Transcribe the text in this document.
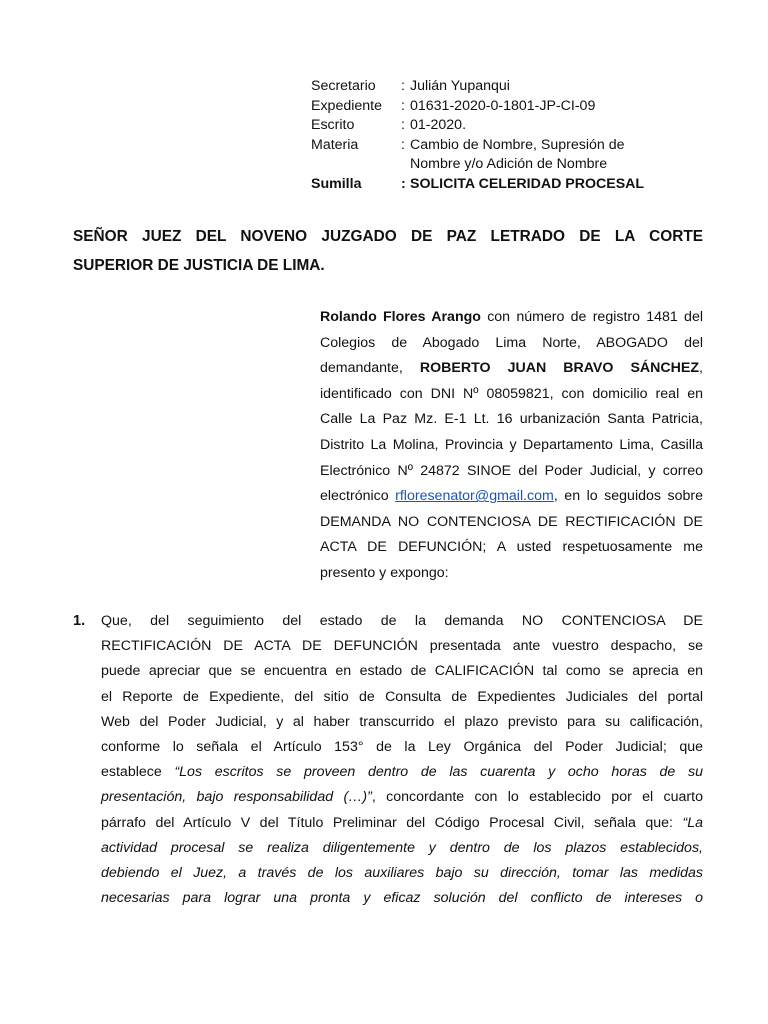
Secretario	: Julián Yupanqui
Expediente	: 01631-2020-0-1801-JP-CI-09
Escrito	: 01-2020.
Materia	: Cambio de Nombre, Supresión de
Nombre y/o Adición de Nombre
Sumilla	: SOLICITA CELERIDAD PROCESAL
SEÑOR JUEZ DEL NOVENO JUZGADO DE PAZ LETRADO DE LA CORTE
SUPERIOR DE JUSTICIA DE LIMA.
Rolando Flores Arango con número de registro 1481 del Colegios de Abogado Lima Norte, ABOGADO del demandante, ROBERTO JUAN BRAVO SÁNCHEZ, identificado con DNI Nº 08059821, con domicilio real en Calle La Paz Mz. E-1 Lt. 16 urbanización Santa Patricia, Distrito La Molina, Provincia y Departamento Lima, Casilla Electrónico Nº 24872 SINOE del Poder Judicial, y correo electrónico rfloresenator@gmail.com, en lo seguidos sobre DEMANDA NO CONTENCIOSA DE RECTIFICACIÓN DE ACTA DE DEFUNCIÓN; A usted respetuosamente me presento y expongo:
1. Que, del seguimiento del estado de la demanda NO CONTENCIOSA DE
RECTIFICACIÓN DE ACTA DE DEFUNCIÓN presentada ante vuestro despacho, se
puede apreciar que se encuentra en estado de CALIFICACIÓN tal como se aprecia en
el Reporte de Expediente, del sitio de Consulta de Expedientes Judiciales del portal
Web del Poder Judicial, y al haber transcurrido el plazo previsto para su calificación,
conforme lo señala el Artículo 153° de la Ley Orgánica del Poder Judicial; que
establece “Los escritos se proveen dentro de las cuarenta y ocho horas de su
presentación, bajo responsabilidad (…)”, concordante con lo establecido por el cuarto
párrafo del Artículo V del Título Preliminar del Código Procesal Civil, señala que: “La
actividad procesal se realiza diligentemente y dentro de los plazos establecidos,
debiendo el Juez, a través de los auxiliares bajo su dirección, tomar las medidas
necesarias para lograr una pronta y eficaz solución del conflicto de intereses o
